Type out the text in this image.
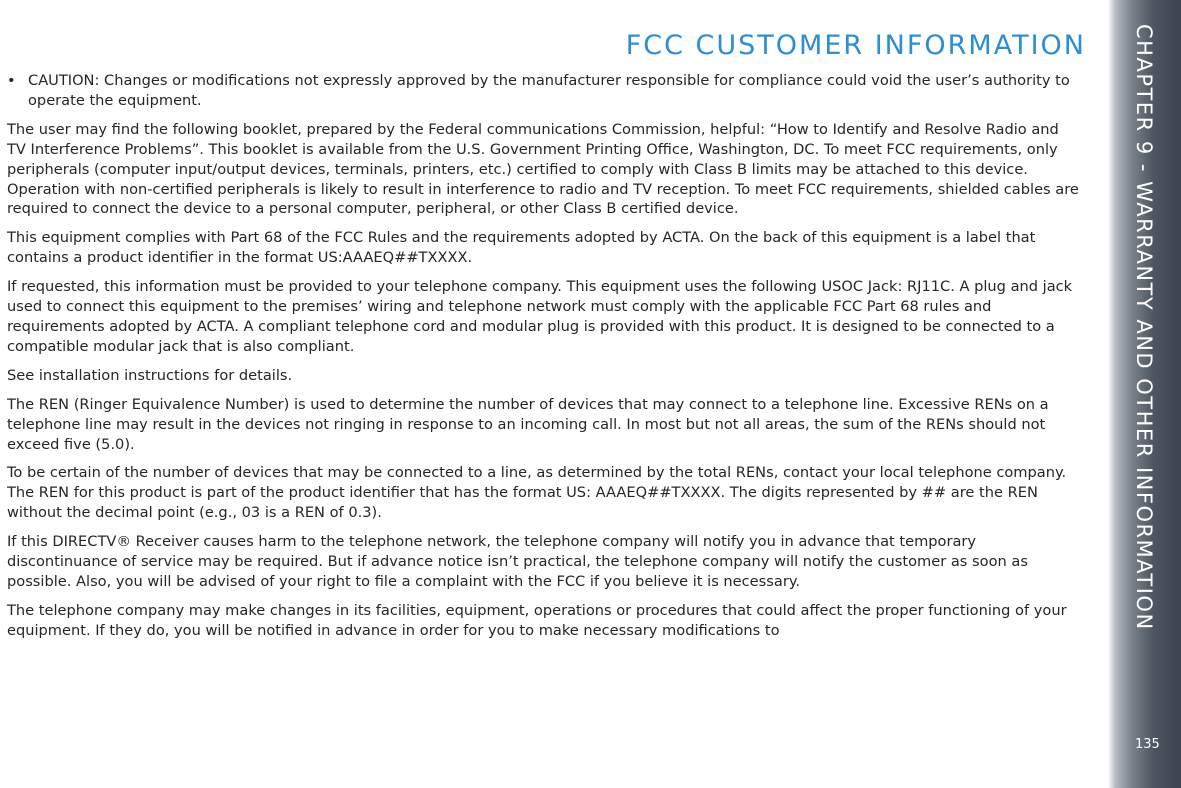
FCC CUSTOMER INFORMATION
• CAUTION: Changes or modifications not expressly approved by the manufacturer responsible for compliance could void the user’s authority to operate the equipment.

The user may find the following booklet, prepared by the Federal communications Commission, helpful: “How to Identify and Resolve Radio and TV Interference Problems”. This booklet is available from the U.S. Government Printing Office, Washington, DC. To meet FCC requirements, only peripherals (computer input/output devices, terminals, printers, etc.) certified to comply with Class B limits may be attached to this device. Operation with non-certified peripherals is likely to result in interference to radio and TV reception. To meet FCC requirements, shielded cables are required to connect the device to a personal computer, peripheral, or other Class B certified device.

This equipment complies with Part 68 of the FCC Rules and the requirements adopted by ACTA. On the back of this equipment is a label that contains a product identifier in the format US:AAAEQ##TXXXX.

If requested, this information must be provided to your telephone company. This equipment uses the following USOC Jack: RJ11C. A plug and jack used to connect this equipment to the premises’ wiring and telephone network must comply with the applicable FCC Part 68 rules and requirements adopted by ACTA. A compliant telephone cord and modular plug is provided with this product. It is designed to be connected to a compatible modular jack that is also compliant.

See installation instructions for details.

The REN (Ringer Equivalence Number) is used to determine the number of devices that may connect to a telephone line. Excessive RENs on a telephone line may result in the devices not ringing in response to an incoming call. In most but not all areas, the sum of the RENs should not exceed five (5.0).

To be certain of the number of devices that may be connected to a line, as determined by the total RENs, contact your local telephone company. The REN for this product is part of the product identifier that has the format US: AAAEQ##TXXXX. The digits represented by ## are the REN without the decimal point (e.g., 03 is a REN of 0.3).

If this DIRECTV® Receiver causes harm to the telephone network, the telephone company will notify you in advance that temporary discontinuance of service may be required. But if advance notice isn’t practical, the telephone company will notify the customer as soon as possible. Also, you will be advised of your right to file a complaint with the FCC if you believe it is necessary.

The telephone company may make changes in its facilities, equipment, operations or procedures that could affect the proper functioning of your equipment. If they do, you will be notified in advance in order for you to make necessary modifications to	CHAPTER 9 - WARRANTY AND OTHER INFORMATION
135
